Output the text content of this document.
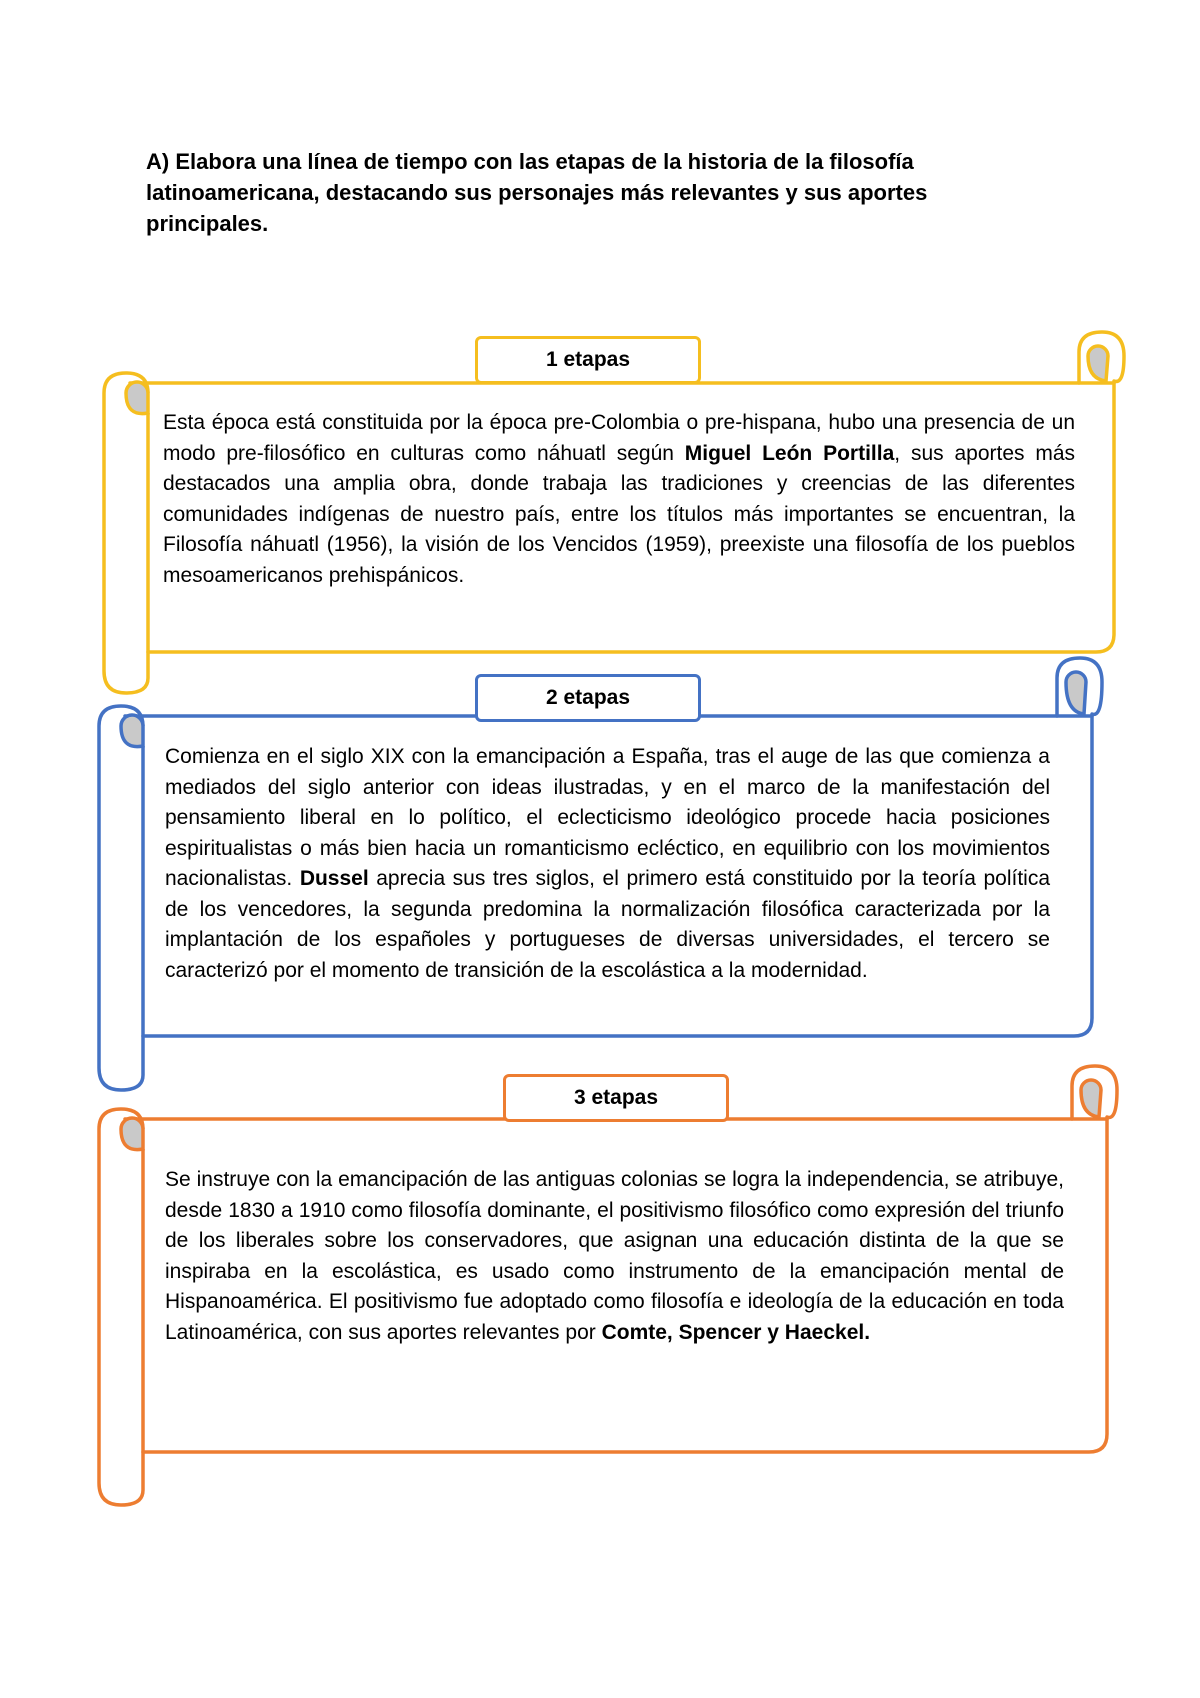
A) Elabora una línea de tiempo con las etapas de la historia de la filosofía latinoamericana, destacando sus personajes más relevantes y sus aportes principales.
1 etapas

Esta época está constituida por la época pre-Colombia o pre-hispana, hubo una presencia de un modo pre-filosófico en culturas como náhuatl según Miguel León Portilla, sus aportes más destacados una amplia obra, donde trabaja las tradiciones y creencias de las diferentes comunidades indígenas de nuestro país, entre los títulos más importantes se encuentran, la Filosofía náhuatl (1956), la visión de los Vencidos (1959), preexiste una filosofía de los pueblos mesoamericanos prehispánicos.

2 etapas

Comienza en el siglo XIX con la emancipación a España, tras el auge de las que comienza a mediados del siglo anterior con ideas ilustradas, y en el marco de la manifestación del pensamiento liberal en lo político, el eclecticismo ideológico procede hacia posiciones espiritualistas o más bien hacia un romanticismo ecléctico, en equilibrio con los movimientos nacionalistas. Dussel aprecia sus tres siglos, el primero está constituido por la teoría política de los vencedores, la segunda predomina la normalización filosófica caracterizada por la implantación de los españoles y portugueses de diversas universidades, el tercero se caracterizó por el momento de transición de la escolástica a la modernidad.

3 etapas

Se instruye con la emancipación de las antiguas colonias se logra la independencia, se atribuye, desde 1830 a 1910 como filosofía dominante, el positivismo filosófico como expresión del triunfo de los liberales sobre los conservadores, que asignan una educación distinta de la que se inspiraba en la escolástica, es usado como instrumento de la emancipación mental de Hispanoamérica. El positivismo fue adoptado como filosofía e ideología de la educación en toda Latinoamérica, con sus aportes relevantes por Comte, Spencer y Haeckel.
